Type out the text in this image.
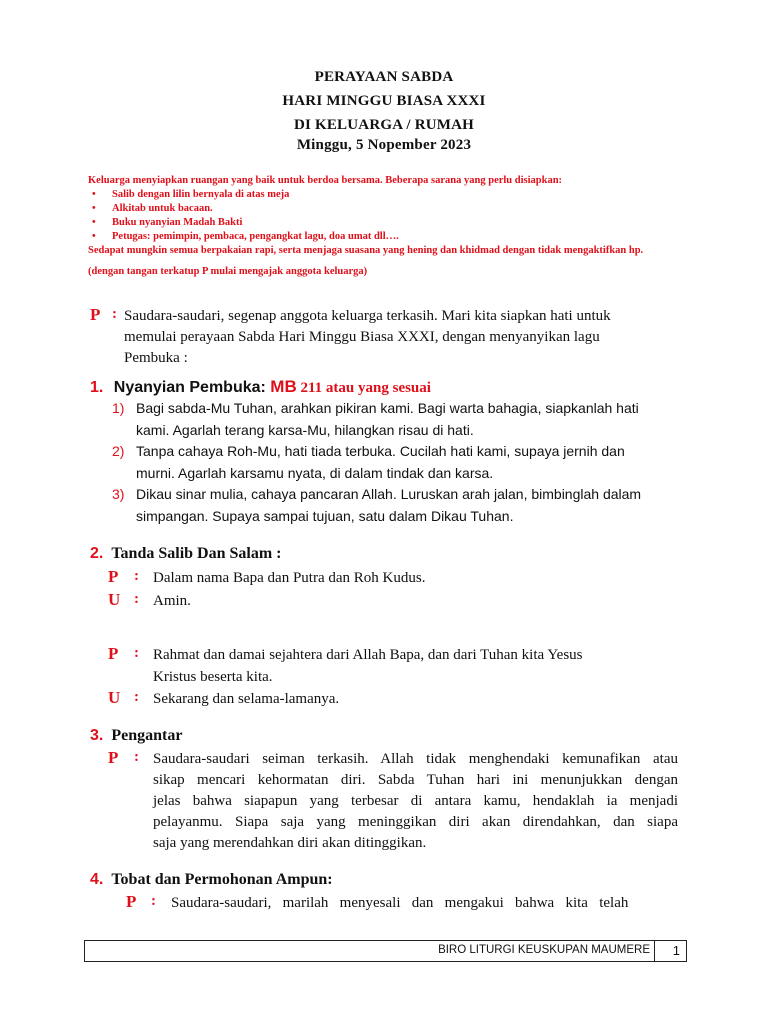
PERAYAAN SABDA
HARI MINGGU BIASA XXXI
DI KELUARGA / RUMAH
Minggu, 5 Nopember 2023
Keluarga menyiapkan ruangan yang baik untuk berdoa bersama. Beberapa sarana yang perlu disiapkan:
• Salib dengan lilin bernyala di atas meja
• Alkitab untuk bacaan.
• Buku nyanyian Madah Bakti
• Petugas: pemimpin, pembaca, pengangkat lagu, doa umat dll….
Sedapat mungkin semua berpakaian rapi, serta menjaga suasana yang hening dan khidmad dengan tidak mengaktifkan hp.
(dengan tangan terkatup P mulai mengajak anggota keluarga)
P : Saudara-saudari, segenap anggota keluarga terkasih. Mari kita siapkan hati untuk
memulai perayaan Sabda Hari Minggu Biasa XXXI, dengan menyanyikan lagu
Pembuka :
1. Nyanyian Pembuka: MB 211 atau yang sesuai
1) Bagi sabda-Mu Tuhan, arahkan pikiran kami. Bagi warta bahagia, siapkanlah hati
kami. Agarlah terang karsa-Mu, hilangkan risau di hati.
2) Tanpa cahaya Roh-Mu, hati tiada terbuka. Cucilah hati kami, supaya jernih dan
murni. Agarlah karsamu nyata, di dalam tindak dan karsa.
3) Dikau sinar mulia, cahaya pancaran Allah. Luruskan arah jalan, bimbinglah dalam
simpangan. Supaya sampai tujuan, satu dalam Dikau Tuhan.
2. Tanda Salib Dan Salam :
P : Dalam nama Bapa dan Putra dan Roh Kudus.
U : Amin.
P : Rahmat dan damai sejahtera dari Allah Bapa, dan dari Tuhan kita Yesus
Kristus beserta kita.
U : Sekarang dan selama-lamanya.
3. Pengantar
P : Saudara-saudari seiman terkasih. Allah tidak menghendaki kemunafikan atau
sikap mencari kehormatan diri. Sabda Tuhan hari ini menunjukkan dengan
jelas bahwa siapapun yang terbesar di antara kamu, hendaklah ia menjadi
pelayanmu. Siapa saja yang meninggikan diri akan direndahkan, dan siapa
saja yang merendahkan diri akan ditinggikan.
4. Tobat dan Permohonan Ampun:
P : Saudara-saudari,   marilah   menyesali   dan   mengakui   bahwa   kita   telah
BIRO LITURGI KEUSKUPAN MAUMERE 1
